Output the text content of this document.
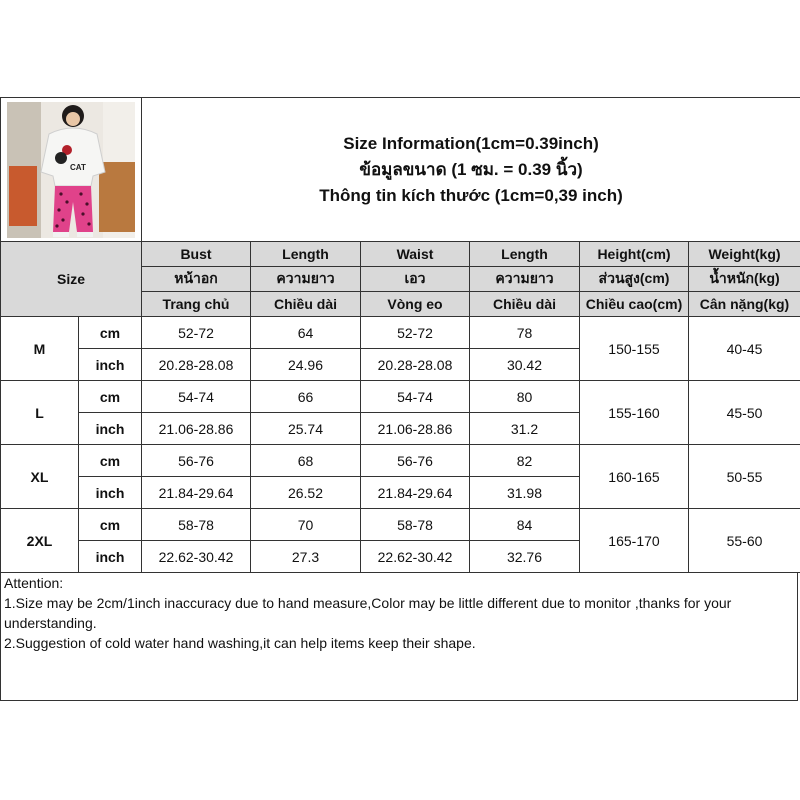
CAT		Size Information(1cm=0.39inch)
ข้อมูลขนาด (1 ซม. = 0.39 นิ้ว)
Thông tin kích thước (1cm=0,39 inch)					

Size		Bust	Length	Waist	Length	Height(cm)	Weight(kg)
		หน้าอก	ความยาว	เอว	ความยาว	ส่วนสูง(cm)	น้ำหนัก(kg)
		Trang chủ	Chiều dài	Vòng eo	Chiều dài	Chiều cao(cm)	Cân nặng(kg)
M	cm	52-72	64	52-72	78	150-155	40-45
	inch	20.28-28.08	24.96	20.28-28.08	30.42		
L	cm	54-74	66	54-74	80	155-160	45-50
	inch	21.06-28.86	25.74	21.06-28.86	31.2		
XL	cm	56-76	68	56-76	82	160-165	50-55
	inch	21.84-29.64	26.52	21.84-29.64	31.98		
2XL	cm	58-78	70	58-78	84	165-170	55-60
	inch	22.62-30.42	27.3	22.62-30.42	32.76		
Attention:
1.Size may be 2cm/1inch inaccuracy due to hand measure,Color may be little different due to monitor ,thanks for your understanding.
2.Suggestion of cold water hand washing,it can help items keep their shape.
